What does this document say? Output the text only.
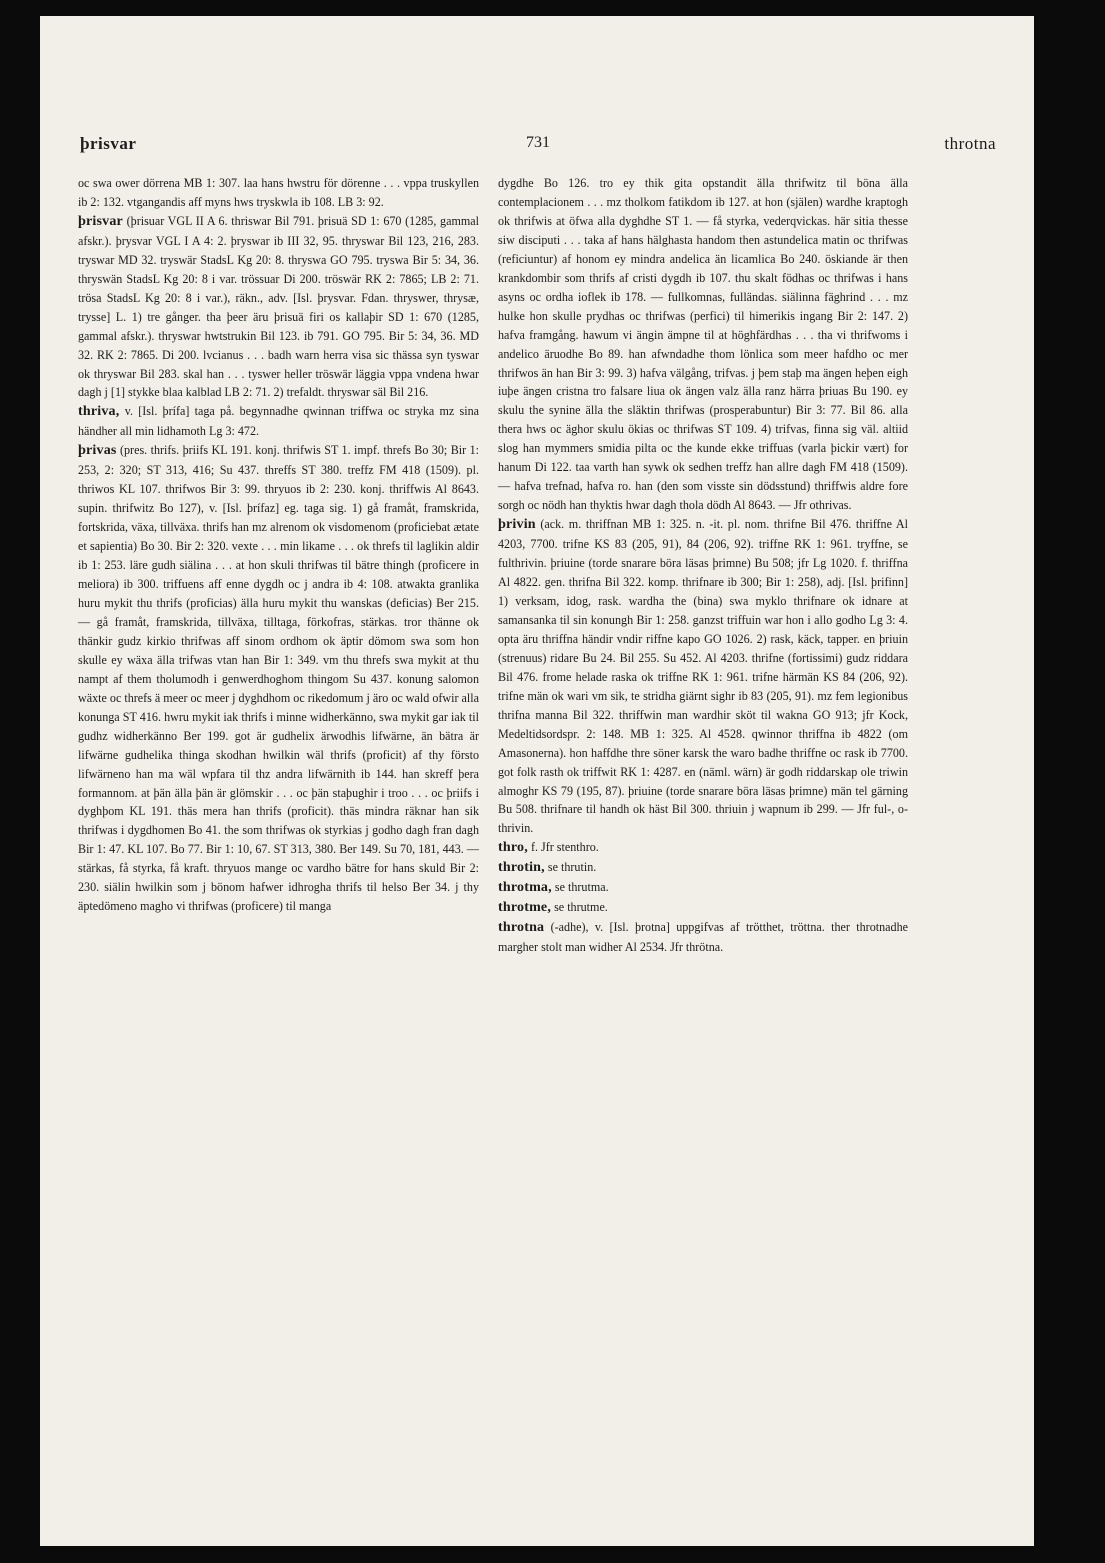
þrisvar	731	throtna

oc swa ower dörrena MB 1: 307. laa hans hwstru för dörenne . . . vppa truskyllen ib 2: 132. vtgangandis aff myns hws tryskwla ib 108. LB 3: 92.

þrisvar (þrisuar VGL II A 6. thriswar Bil 791. þrisuä SD 1: 670 (1285, gammal afskr.). þrysvar VGL I A 4: 2. þryswar ib III 32, 95. thryswar Bil 123, 216, 283. tryswar MD 32. tryswär StadsL Kg 20: 8. thryswa GO 795. tryswa Bir 5: 34, 36. thryswän StadsL Kg 20: 8 i var. trössuar Di 200. tröswär RK 2: 7865; LB 2: 71. trösa StadsL Kg 20: 8 i var.), räkn., adv. [Isl. þrysvar. Fdan. thryswer, thrysæ, trysse] L. 1) tre gånger. tha þeer äru þrisuä firi os kallaþir SD 1: 670 (1285, gammal afskr.). thryswar hwtstrukin Bil 123. ib 791. GO 795. Bir 5: 34, 36. MD 32. RK 2: 7865. Di 200. lvcianus . . . badh warn herra visa sic thässa syn tyswar ok thryswar Bil 283. skal han . . . tyswer heller tröswär läggia vppa vndena hwar dagh j [1] stykke blaa kalblad LB 2: 71. 2) trefaldt. thryswar säl Bil 216.

thriva, v. [Isl. þrífa] taga på. begynnadhe qwinnan triffwa oc stryka mz sina händher all min lidhamoth Lg 3: 472.

þrivas (pres. thrifs. þriifs KL 191. konj. thrifwis ST 1. impf. threfs Bo 30; Bir 1: 253, 2: 320; ST 313, 416; Su 437. threffs ST 380. treffz FM 418 (1509). pl. thriwos KL 107. thrifwos Bir 3: 99. thryuos ib 2: 230. konj. thriffwis Al 8643. supin. thrifwitz Bo 127), v. [Isl. þrífaz] eg. taga sig. 1) gå framåt, framskrida, fortskrida, växa, tillväxa. thrifs han mz alrenom ok visdomenom (proficiebat ætate et sapientia) Bo 30. Bir 2: 320. vexte . . . min likame . . . ok threfs til laglikin aldir ib 1: 253. läre gudh siälina . . . at hon skuli thrifwas til bätre thingh (proficere in meliora) ib 300. triffuens aff enne dygdh oc j andra ib 4: 108. atwakta granlika huru mykit thu thrifs (proficias) älla huru mykit thu wanskas (deficias) Ber 215. — gå framåt, framskrida, tillväxa, tilltaga, förkofras, stärkas. tror thänne ok thänkir gudz kirkio thrifwas aff sinom ordhom ok äptir dömom swa som hon skulle ey wäxa älla trifwas vtan han Bir 1: 349. vm thu threfs swa mykit at thu nampt af them tholumodh i genwerdhoghom thingom Su 437. konung salomon wäxte oc threfs ä meer oc meer j dyghdhom oc rikedomum j äro oc wald ofwir alla konunga ST 416. hwru mykit iak thrifs i minne widherkänno, swa mykit gar iak til gudhz widherkänno Ber 199. got är gudhelix ärwodhis lifwärne, än bätra är lifwärne gudhelika thinga skodhan hwilkin wäl thrifs (proficit) af thy försto lifwärneno han ma wäl wpfara til thz andra lifwärnith ib 144. han skreff þera formannom. at þän älla þän är glömskir . . . oc þän staþughir i troo . . . oc þriifs i dyghþom KL 191. thäs mera han thrifs (proficit). thäs mindra räknar han sik thrifwas i dygdhomen Bo 41. the som thrifwas ok styrkias j godho dagh fran dagh Bir 1: 47. KL 107. Bo 77. Bir 1: 10, 67. ST 313, 380. Ber 149. Su 70, 181, 443. — stärkas, få styrka, få kraft. thryuos mange oc vardho bätre for hans skuld Bir 2: 230. siälin hwilkin som j bönom hafwer idhrogha thrifs til helso Ber 34. j thy äptedömeno magho vi thrifwas (proficere) til manga

dygdhe Bo 126. tro ey thik gita opstandit älla thrifwitz til böna älla contemplacionem . . . mz tholkom fatikdom ib 127. at hon (själen) wardhe kraptogh ok thrifwis at öfwa alla dyghdhe ST 1. — få styrka, vederqvickas. här sitia thesse siw disciputi . . . taka af hans hälghasta handom then astundelica matin oc thrifwas (reficiuntur) af honom ey mindra andelica än licamlica Bo 240. öskiande är then krankdombir som thrifs af cristi dygdh ib 107. thu skalt födhas oc thrifwas i hans asyns oc ordha ioflek ib 178. — fullkomnas, fulländas. siälinna fäghrind . . . mz hulke hon skulle prydhas oc thrifwas (perfici) til himerikis ingang Bir 2: 147. 2) hafva framgång. hawum vi ängin ämpne til at höghfärdhas . . . tha vi thrifwoms i andelico äruodhe Bo 89. han afwndadhe thom lönlica som meer hafdho oc mer thrifwos än han Bir 3: 99. 3) hafva välgång, trifvas. j þem staþ ma ängen heþen eigh iuþe ängen cristna tro falsare liua ok ängen valz älla ranz härra þriuas Bu 190. ey skulu the synine älla the släktin thrifwas (prosperabuntur) Bir 3: 77. Bil 86. alla thera hws oc äghor skulu ökias oc thrifwas ST 109. 4) trifvas, finna sig väl. altiid slog han mymmers smidia pilta oc the kunde ekke triffuas (varla þickir vært) for hanum Di 122. taa varth han sywk ok sedhen treffz han allre dagh FM 418 (1509). — hafva trefnad, hafva ro. han (den som visste sin dödsstund) thriffwis aldre fore sorgh oc nödh han thyktis hwar dagh thola dödh Al 8643. — Jfr othrivas.

þrivin (ack. m. thriffnan MB 1: 325. n. -it. pl. nom. thrifne Bil 476. thriffne Al 4203, 7700. trifne KS 83 (205, 91), 84 (206, 92). triffne RK 1: 961. tryffne, se fulthrivin. þriuine (torde snarare böra läsas þrimne) Bu 508; jfr Lg 1020. f. thriffna Al 4822. gen. thrifna Bil 322. komp. thrifnare ib 300; Bir 1: 258), adj. [Isl. þrifinn] 1) verksam, idog, rask. wardha the (bina) swa myklo thrifnare ok idnare at samansanka til sin konungh Bir 1: 258. ganzst triffuin war hon i allo godho Lg 3: 4. opta äru thriffna händir vndir riffne kapo GO 1026. 2) rask, käck, tapper. en þriuin (strenuus) ridare Bu 24. Bil 255. Su 452. Al 4203. thrifne (fortissimi) gudz riddara Bil 476. frome helade raska ok triffne RK 1: 961. trifne härmän KS 84 (206, 92). trifne män ok wari vm sik, te stridha giärnt sighr ib 83 (205, 91). mz fem legionibus thrifna manna Bil 322. thriffwin man wardhir sköt til wakna GO 913; jfr Kock, Medeltidsordspr. 2: 148. MB 1: 325. Al 4528. qwinnor thriffna ib 4822 (om Amasonerna). hon haffdhe thre söner karsk the waro badhe thriffne oc rask ib 7700. got folk rasth ok triffwit RK 1: 4287. en (näml. wärn) är godh riddarskap ole triwin almoghr KS 79 (195, 87). þriuine (torde snarare böra läsas þrimne) män tel gärning Bu 508. thrifnare til handh ok häst Bil 300. thriuin j wapnum ib 299. — Jfr ful-, o-thrivin.

thro, f. Jfr stenthro.

throtin, se thrutin.

throtma, se thrutma.

throtme, se thrutme.

throtna (-adhe), v. [Isl. þrotna] uppgifvas af trötthet, tröttna. ther throtnadhe margher stolt man widher Al 2534. Jfr thrötna.
